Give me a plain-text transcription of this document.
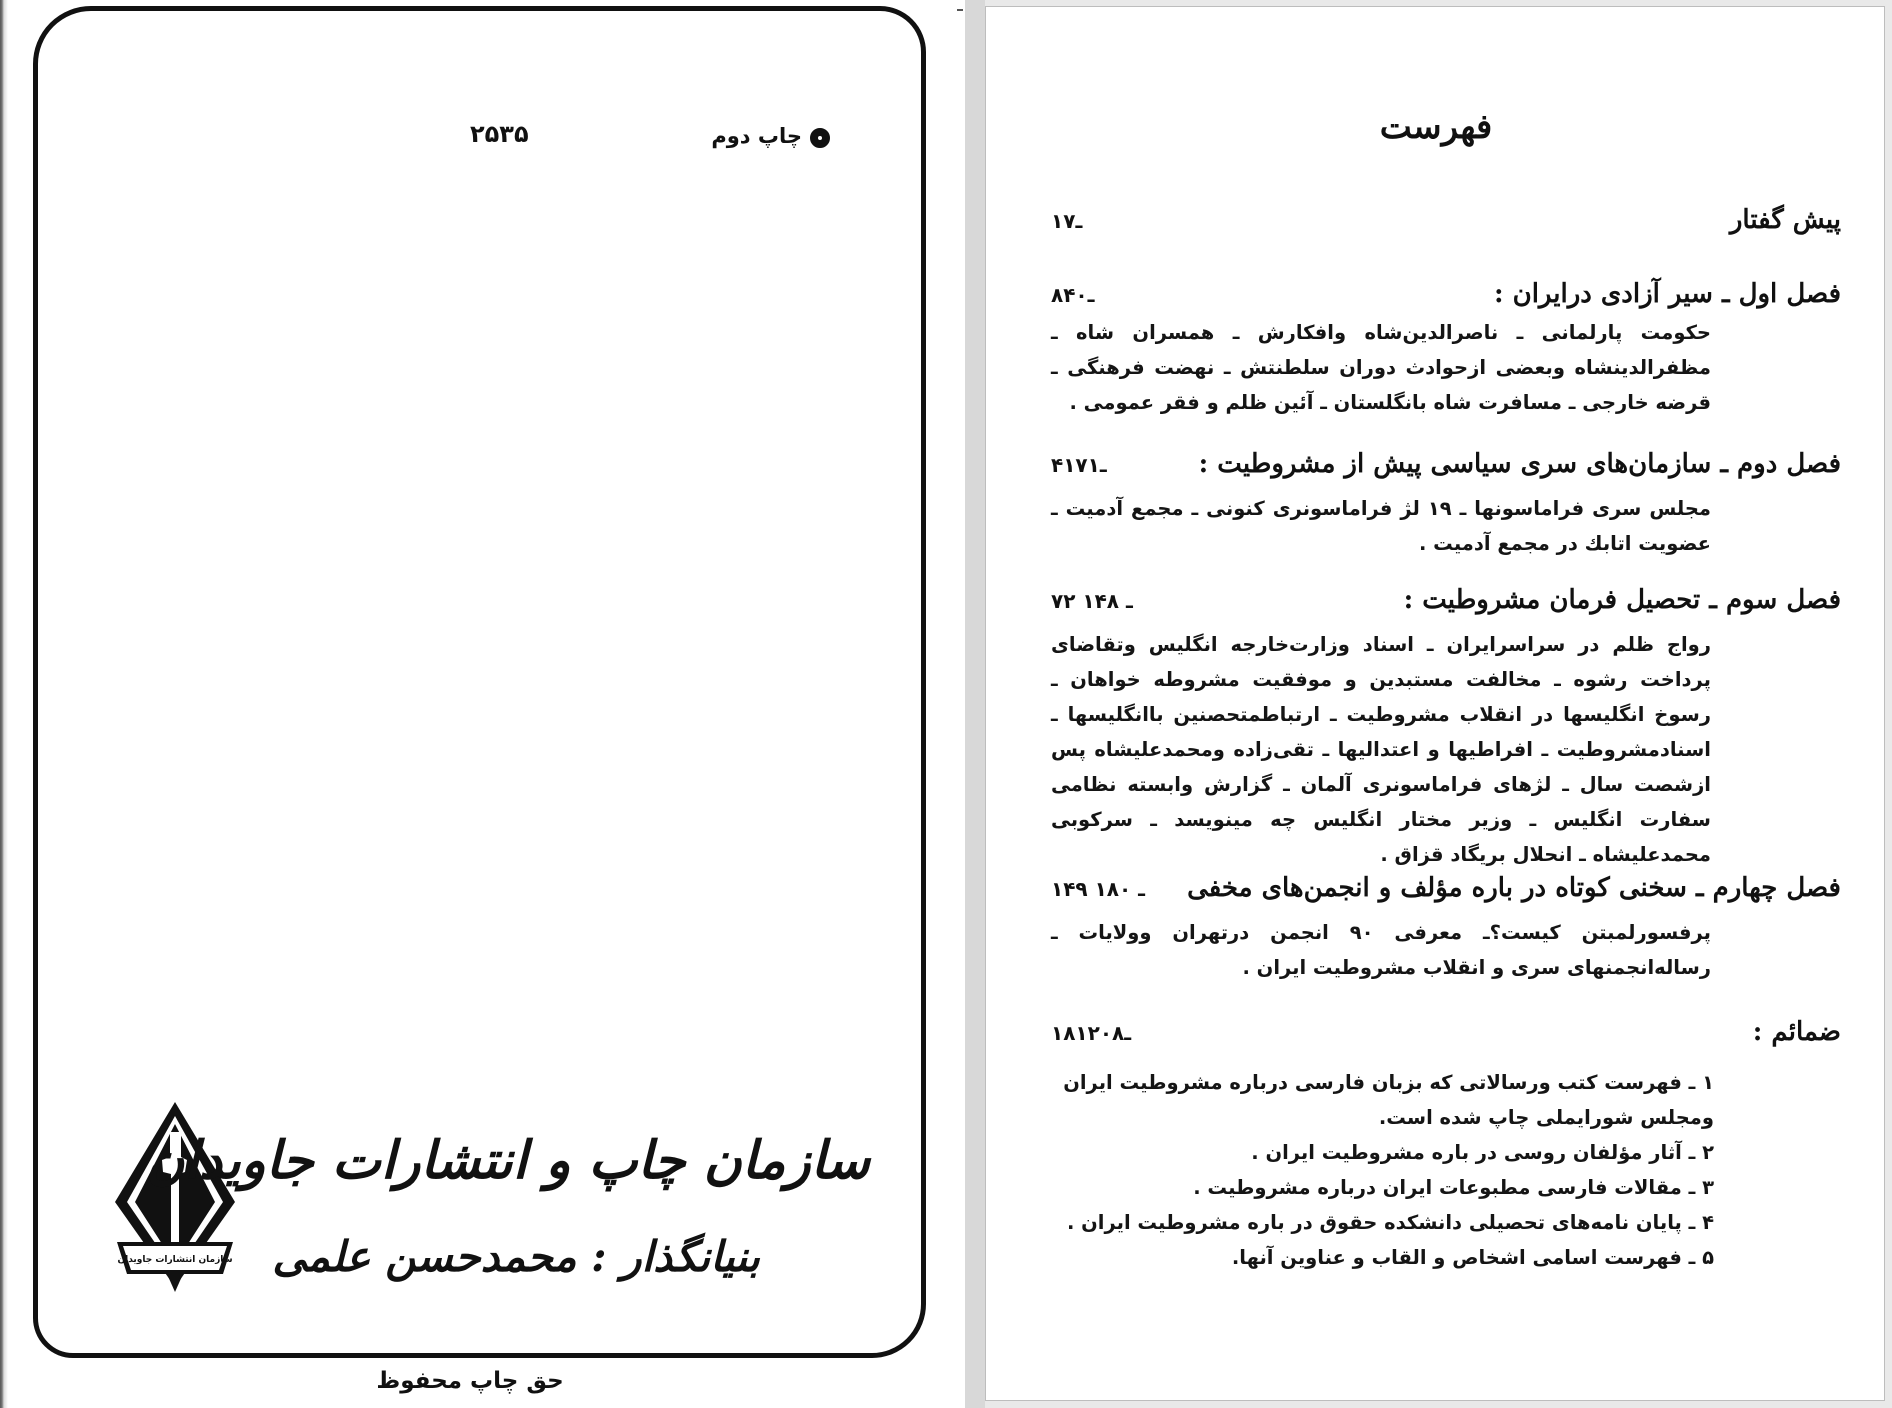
چاپ دوم
۲۵۳۵
سازمان انتشارات جاویدان
سازمان چاپ و انتشارات جاویدان
بنیانگذار : محمدحسن علمی
حق چاپ محفوظ
فهرست
پیش گفتار
۱ـ۷
فصل اول ـ سیر آزادی درایران :
۸ـ۴۰
حکومت پارلمانی ـ ناصرالدین‌شاه وافکارش ـ همسران شاه ـ مظفرالدینشاه وبعضی ازحوادث دوران سلطنتش ـ نهضت فرهنگی ـ قرضه خارجی ـ مسافرت شاه بانگلستان ـ آئین ظلم و فقر عمومی .
فصل دوم ـ سازمان‌های سری سیاسی پیش از مشروطیت :
۴۱ـ۷۱
مجلس سری فراماسونها ـ ۱۹ لژ فراماسونری کنونی ـ مجمع آدمیت ـ عضویت اتابك در مجمع آدمیت .
فصل سوم ـ تحصیل فرمان مشروطیت :
۷۲ ـ ۱۴۸
رواج ظلم در سراسرایران ـ اسناد وزارت‌خارجه انگلیس وتقاضای پرداخت رشوه ـ مخالفت مستبدین و موفقیت مشروطه خواهان ـ رسوخ انگلیسها در انقلاب مشروطیت ـ ارتباطمتحصنین باانگلیسها ـ اسنادمشروطیت ـ افراطیها و اعتدالیها ـ تقی‌زاده ومحمدعلیشاه پس ازشصت سال ـ لژهای فراماسونری آلمان ـ گزارش وابسته نظامی سفارت انگلیس ـ وزیر مختار انگلیس چه مینویسد ـ سرکوبی محمدعلیشاه ـ انحلال بریگاد قزاق .
فصل چهارم ـ سخنی کوتاه در باره مؤلف و انجمن‌های مخفی
۱۴۹ ـ ۱۸۰
پرفسورلمبتن کیست؟ـ معرفی ۹۰ انجمن درتهران وولایات ـ رساله‌انجمنهای سری و انقلاب مشروطیت ایران .
ضمائم :
۱۸۱ـ۲۰۸
۱ ـ فهرست کتب ورسالاتی که بزبان فارسی درباره مشروطیت ایران ومجلس شورایملی چاپ شده است.
۲ ـ آثار مؤلفان روسی در باره مشروطیت ایران .
۳ ـ مقالات فارسی مطبوعات ایران درباره مشروطیت .
۴ ـ پایان نامه‌های تحصیلی دانشکده حقوق در باره مشروطیت ایران .
۵ ـ فهرست اسامی اشخاص و القاب و عناوین آنها.
